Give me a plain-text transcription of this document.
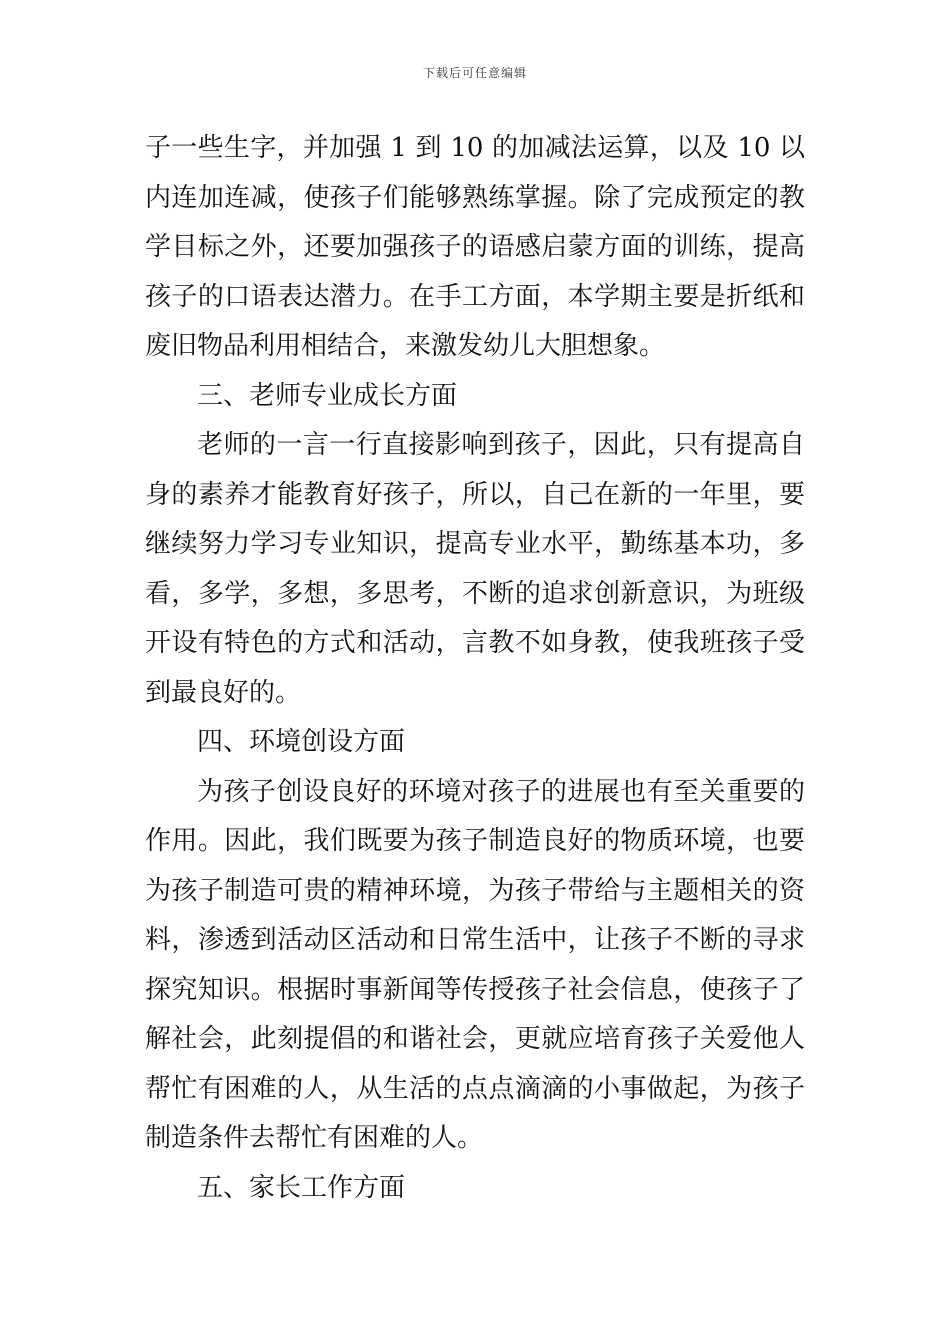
下载后可任意编辑

子一些生字，并加强 1 到 10 的加减法运算，以及 10 以内连加连减，使孩子们能够熟练掌握。除了完成预定的教学目标之外，还要加强孩子的语感启蒙方面的训练，提高孩子的口语表达潜力。在手工方面，本学期主要是折纸和废旧物品利用相结合，来激发幼儿大胆想象。

三、老师专业成长方面

老师的一言一行直接影响到孩子，因此，只有提高自身的素养才能教育好孩子，所以，自己在新的一年里，要继续努力学习专业知识，提高专业水平，勤练基本功，多看，多学，多想，多思考，不断的追求创新意识，为班级开设有特色的方式和活动，言教不如身教，使我班孩子受到最良好的。

四、环境创设方面

为孩子创设良好的环境对孩子的进展也有至关重要的作用。因此，我们既要为孩子制造良好的物质环境，也要为孩子制造可贵的精神环境，为孩子带给与主题相关的资料，渗透到活动区活动和日常生活中，让孩子不断的寻求探究知识。根据时事新闻等传授孩子社会信息，使孩子了解社会，此刻提倡的和谐社会，更就应培育孩子关爱他人帮忙有困难的人，从生活的点点滴滴的小事做起，为孩子制造条件去帮忙有困难的人。

五、家长工作方面
